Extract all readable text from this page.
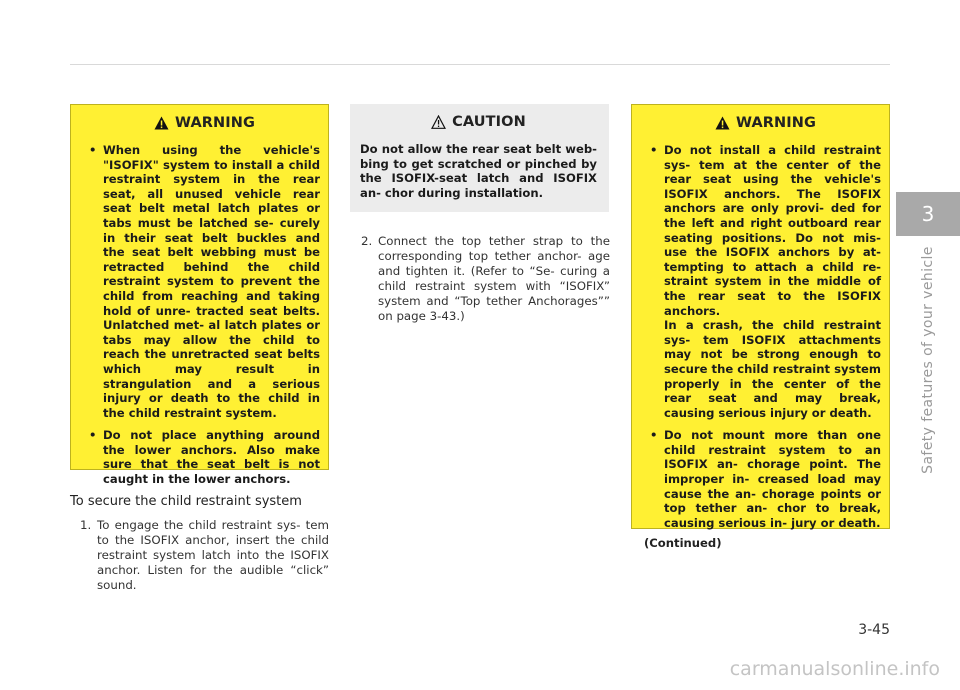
WARNING
• When using the vehicle's "ISOFIX" system to install a child restraint system in the rear seat, all unused vehicle rear seat belt metal latch plates or tabs must be latched se- curely in their seat belt buckles and the seat belt webbing must be retracted behind the child restraint system to prevent the child from reaching and taking hold of unre- tracted seat belts. Unlatched met- al latch plates or tabs may allow the child to reach the unretracted seat belts which may result in strangulation and a serious injury or death to the child in the child restraint system.
• Do not place anything around the lower anchors. Also make sure that the seat belt is not caught in the lower anchors.
To secure the child restraint system
1. To engage the child restraint sys- tem to the ISOFIX anchor, insert the child restraint system latch into the ISOFIX anchor. Listen for the audible “click” sound.
CAUTION
Do not allow the rear seat belt web- bing to get scratched or pinched by the ISOFIX-seat latch and ISOFIX an- chor during installation.
2. Connect the top tether strap to the corresponding top tether anchor- age and tighten it. (Refer to “Se- curing a child restraint system with “ISOFIX” system and “Top tether Anchorages”” on page 3-43.)
WARNING
• Do not install a child restraint sys- tem at the center of the rear seat using the vehicle's ISOFIX anchors. The ISOFIX anchors are only provi- ded for the left and right outboard rear seating positions. Do not mis- use the ISOFIX anchors by at- tempting to attach a child re- straint system in the middle of the rear seat to the ISOFIX anchors.
In a crash, the child restraint sys- tem ISOFIX attachments may not be strong enough to secure the child restraint system properly in the center of the rear seat and may break, causing serious injury or death.
• Do not mount more than one child restraint system to an ISOFIX an- chorage point. The improper in- creased load may cause the an- chorage points or top tether an- chor to break, causing serious in- jury or death.
(Continued)
3
Safety features of your vehicle
3-45
carmanualsonline.info
